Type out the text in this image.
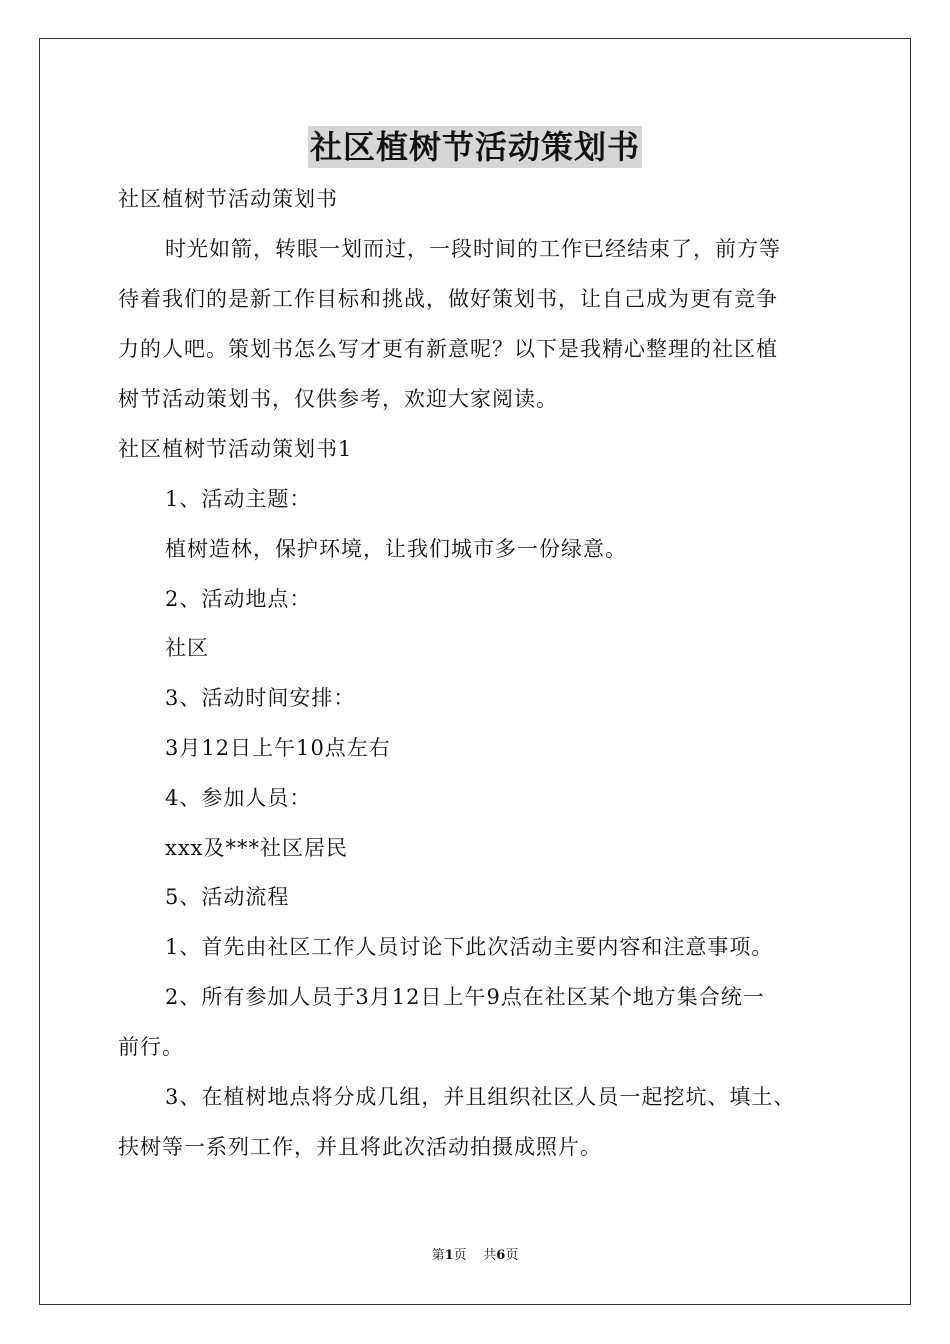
社区植树节活动策划书
社区植树节活动策划书
时光如箭，转眼一划而过，一段时间的工作已经结束了，前方等
待着我们的是新工作目标和挑战，做好策划书，让自己成为更有竞争
力的人吧。策划书怎么写才更有新意呢？以下是我精心整理的社区植
树节活动策划书，仅供参考，欢迎大家阅读。
社区植树节活动策划书1
1、活动主题：
植树造林，保护环境，让我们城市多一份绿意。
2、活动地点：
社区
3、活动时间安排：
3月12日上午10点左右
4、参加人员：
xxx及***社区居民
5、活动流程
1、首先由社区工作人员讨论下此次活动主要内容和注意事项。
2、所有参加人员于3月12日上午9点在社区某个地方集合统一
前行。
3、在植树地点将分成几组，并且组织社区人员一起挖坑、填土、
扶树等一系列工作，并且将此次活动拍摄成照片。
第1页 共6页
